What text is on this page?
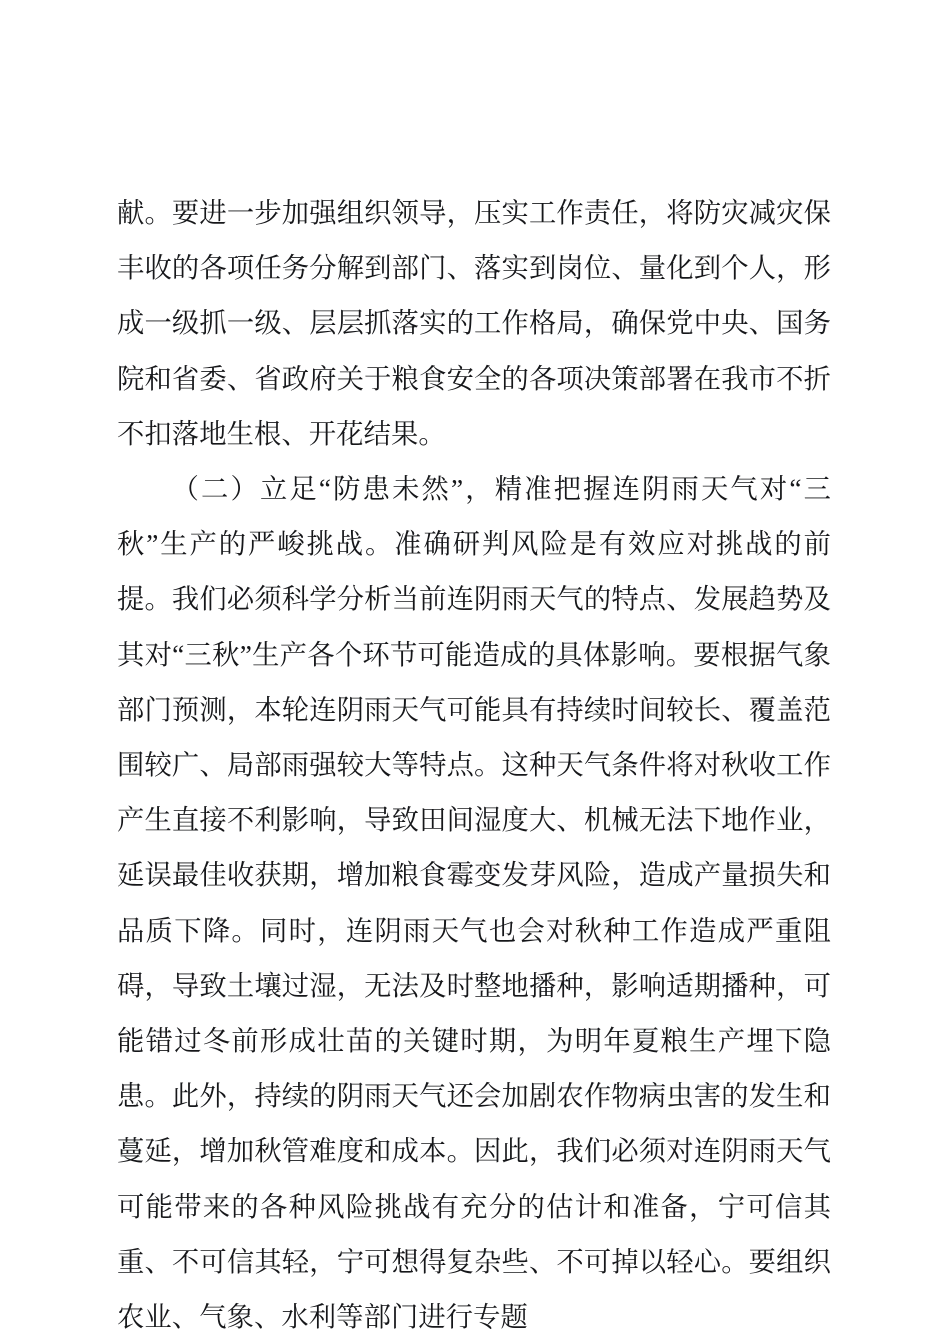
献。要进一步加强组织领导，压实工作责任，将防灾减灾保丰收的各项任务分解到部门、落实到岗位、量化到个人，形成一级抓一级、层层抓落实的工作格局，确保党中央、国务院和省委、省政府关于粮食安全的各项决策部署在我市不折不扣落地生根、开花结果。

（二）立足“防患未然”，精准把握连阴雨天气对“三秋”生产的严峻挑战。准确研判风险是有效应对挑战的前提。我们必须科学分析当前连阴雨天气的特点、发展趋势及其对“三秋”生产各个环节可能造成的具体影响。要根据气象部门预测，本轮连阴雨天气可能具有持续时间较长、覆盖范围较广、局部雨强较大等特点。这种天气条件将对秋收工作产生直接不利影响，导致田间湿度大、机械无法下地作业，延误最佳收获期，增加粮食霉变发芽风险，造成产量损失和品质下降。同时，连阴雨天气也会对秋种工作造成严重阻碍，导致土壤过湿，无法及时整地播种，影响适期播种，可能错过冬前形成壮苗的关键时期，为明年夏粮生产埋下隐患。此外，持续的阴雨天气还会加剧农作物病虫害的发生和蔓延，增加秋管难度和成本。因此，我们必须对连阴雨天气可能带来的各种风险挑战有充分的估计和准备，宁可信其重、不可信其轻，宁可想得复杂些、不可掉以轻心。要组织农业、气象、水利等部门进行专题
